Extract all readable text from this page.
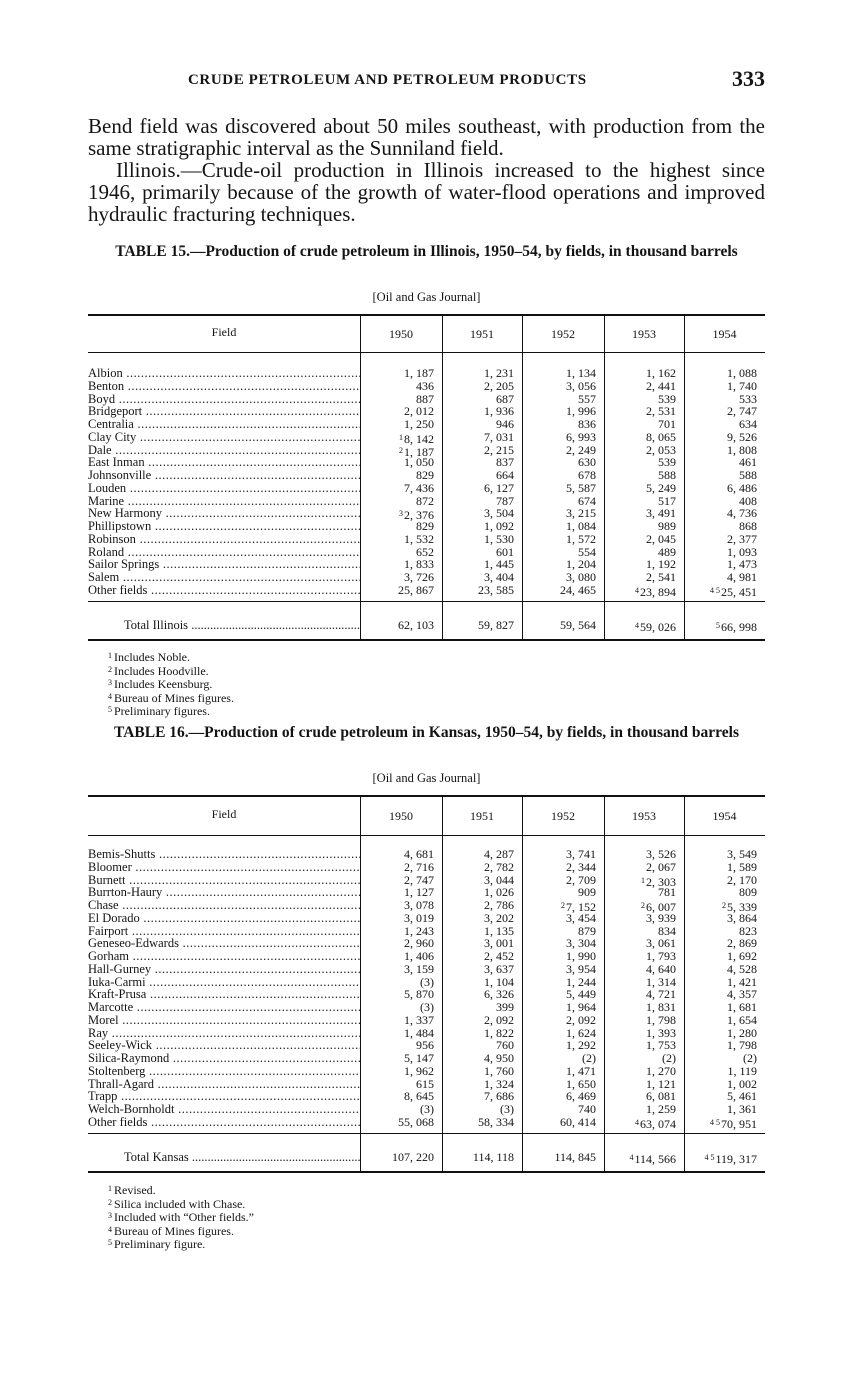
CRUDE PETROLEUM AND PETROLEUM PRODUCTS	333

Bend field was discovered about 50 miles southeast, with production from the same stratigraphic interval as the Sunniland field.

Illinois.—Crude-oil production in Illinois increased to the highest since 1946, primarily because of the growth of water-flood operations and improved hydraulic fracturing techniques.

TABLE 15.—Production of crude petroleum in Illinois, 1950–54, by fields, in thousand barrels
[Oil and Gas Journal]
Field	1950	1951	1952	1953	1954
Albion .....	1, 187	1, 231	1, 134	1, 162	1, 088
Benton .....	436	2, 205	3, 056	2, 441	1, 740
Boyd .....	887	687	557	539	533
Bridgeport .....	2, 012	1, 936	1, 996	2, 531	2, 747
Centralia .....	1, 250	946	836	701	634
Clay City .....	$^1$8, 142	7, 031	6, 993	8, 065	9, 526
Dale .....	$^2$1, 187	2, 215	2, 249	2, 053	1, 808
East Inman .....	1, 050	837	630	539	461
Johnsonville .....	829	664	678	588	588
Louden .....	7, 436	6, 127	5, 587	5, 249	6, 486
Marine .....	872	787	674	517	408
New Harmony .....	$^3$2, 376	3, 504	3, 215	3, 491	4, 736
Phillipstown .....	829	1, 092	1, 084	989	868
Robinson .....	1, 532	1, 530	1, 572	2, 045	2, 377
Roland .....	652	601	554	489	1, 093
Sailor Springs .....	1, 833	1, 445	1, 204	1, 192	1, 473
Salem .....	3, 726	3, 404	3, 080	2, 541	4, 981
Other fields .....	25, 867	23, 585	24, 465	$^4$23, 894	$^{4 5}$25, 451
Total Illinois .....	62, 103	59, 827	59, 564	$^4$59, 026	$^5$66, 998
$^1$ Includes Noble.
$^2$ Includes Hoodville.
$^3$ Includes Keensburg.
$^4$ Bureau of Mines figures.
$^5$ Preliminary figures.
TABLE 16.—Production of crude petroleum in Kansas, 1950–54, by fields, in thousand barrels
[Oil and Gas Journal]
Field	1950	1951	1952	1953	1954
Bemis-Shutts .....	4, 681	4, 287	3, 741	3, 526	3, 549
Bloomer .....	2, 716	2, 782	2, 344	2, 067	1, 589
Burnett .....	2, 747	3, 044	2, 709	$^1$2, 303	2, 170
Burrton-Haury .....	1, 127	1, 026	909	781	809
Chase .....	3, 078	2, 786	$^2$7, 152	$^2$6, 007	$^2$5, 339
El Dorado .....	3, 019	3, 202	3, 454	3, 939	3, 864
Fairport .....	1, 243	1, 135	879	834	823
Geneseo-Edwards .....	2, 960	3, 001	3, 304	3, 061	2, 869
Gorham .....	1, 406	2, 452	1, 990	1, 793	1, 692
Hall-Gurney .....	3, 159	3, 637	3, 954	4, 640	4, 528
Iuka-Carmi .....	(3)	1, 104	1, 244	1, 314	1, 421
Kraft-Prusa .....	5, 870	6, 326	5, 449	4, 721	4, 357
Marcotte .....	(3)	399	1, 964	1, 831	1, 681
Morel .....	1, 337	2, 092	2, 092	1, 798	1, 654
Ray .....	1, 484	1, 822	1, 624	1, 393	1, 280
Seeley-Wick .....	956	760	1, 292	1, 753	1, 798
Silica-Raymond .....	5, 147	4, 950	(2)	(2)	(2)
Stoltenberg .....	1, 962	1, 760	1, 471	1, 270	1, 119
Thrall-Agard .....	615	1, 324	1, 650	1, 121	1, 002
Trapp .....	8, 645	7, 686	6, 469	6, 081	5, 461
Welch-Bornholdt .....	(3)	(3)	740	1, 259	1, 361
Other fields .....	55, 068	58, 334	60, 414	$^4$63, 074	$^{4 5}$70, 951
Total Kansas .....	107, 220	114, 118	114, 845	$^4$114, 566	$^{4 5}$119, 317
$^1$ Revised.
$^2$ Silica included with Chase.
$^3$ Included with “Other fields.”
$^4$ Bureau of Mines figures.
$^5$ Preliminary figure.
